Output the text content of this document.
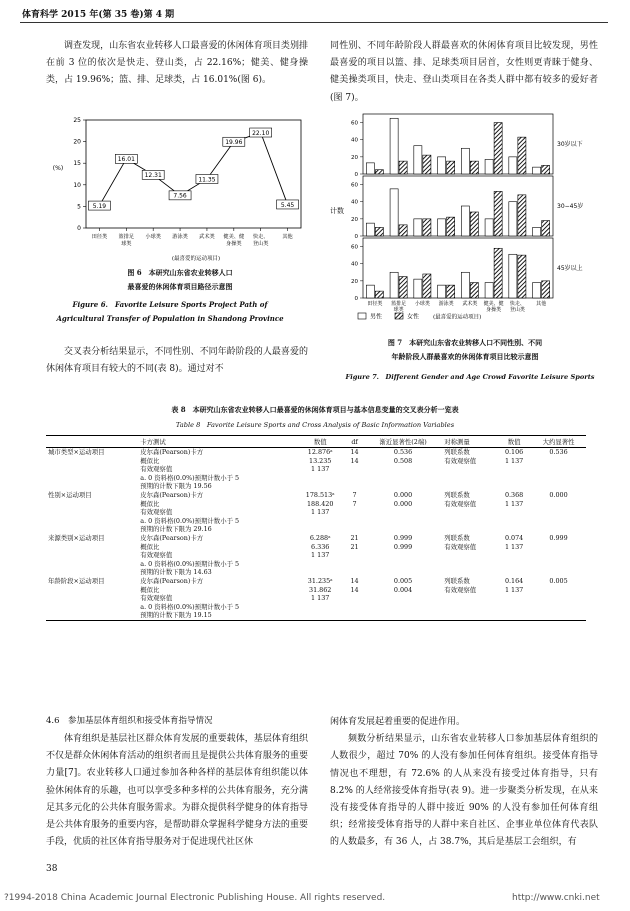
体育科学 2015 年(第 35 卷)第 4 期

调查发现，山东省农业转移人口最喜爱的休闲体育项目类别排在前 3 位的依次是快走、登山类，占 22.16%；健美、健身操类，占 19.96%；篮、排、足球类，占 16.01%(图 6)。

同性别、不同年龄阶段人群最喜欢的休闲体育项目比较发现，男性最喜爱的项目以篮、排、足球类项目居首，女性则更青睐于健身、健美操类项目，快走、登山类项目在各类人群中都有较多的爱好者(图 7)。

0
5
10
15
20
25
田径类 篮排足球类
小球类 游泳类 武术类 健美、健身操类
快走、登山类
其他
5.19
16.01
12.31
7.56
11.35
19.96
22.10
5.45
(%)
(最喜爱的运动项目)
图 6　本研究山东省农业转移人口
最喜爱的休闲体育项目路径示意图
Figure 6.　Favorite Leisure Sports Project Path of
Agricultural Transfer of Population in Shandong Province

交叉表分析结果显示，不同性别、不同年龄阶段的人最喜爱的休闲体育项目有较大的不同(表 8)。通过对不

0
20
40
60
30岁以下
0
20
40
60
30−45岁
0
20
40
60
45岁以上
田径类 篮排足球类
小球类 游泳类 武术类 健美、健身操类
快走、登山类
其他
计数
男性	女性	(最喜爱的运动项目)
图 7　本研究山东省农业转移人口不同性别、不同
年龄阶段人群最喜欢的休闲体育项目比较示意图
Figure 7.　Different Gender and Age Crowd Favorite Leisure Sports
表 8　本研究山东省农业转移人口最喜爱的休闲体育项目与基本信息变量的交叉表分析一览表
Table 8　Favorite Leisure Sports and Cross Analysis of Basic Information Variables
	卡方测试	数值	df	渐近显著性(2端)	对称测量	数值	大约显著性
城市类型×运动项目	皮尔森(Pearson)卡方	12.876ᵃ	14	0.536	列联系数	0.106	0.536
	概似比	13.235	14	0.508	有效观察值	1 137	
	有效观察值	1 137					
	a. 0 资料格(0.0%)预期计数小于 5						
	预期的计数下限为 19.56						
性别×运动项目	皮尔森(Pearson)卡方	178.513ᵃ	7	0.000	列联系数	0.368	0.000
	概似比	188.420	7	0.000	有效观察值	1 137	
	有效观察值	1 137					
	a. 0 资料格(0.0%)预期计数小于 5						
	预期的计数下限为 29.16						
来源类别×运动项目	皮尔森(Pearson)卡方	6.288ᵃ	21	0.999	列联系数	0.074	0.999
	概似比	6.336	21	0.999	有效观察值	1 137	
	有效观察值	1 137					
	a. 0 资料格(0.0%)预期计数小于 5						
	预期的计数下限为 14.63						
年龄阶段×运动项目	皮尔森(Pearson)卡方	31.235ᵃ	14	0.005	列联系数	0.164	0.005
	概似比	31.862	14	0.004	有效观察值	1 137	
	有效观察值	1 137					
	a. 0 资料格(0.0%)预期计数小于 5						
	预期的计数下限为 19.15						
4.6　参加基层体育组织和接受体育指导情况

体育组织是基层社区群众体育发展的重要载体，基层体育组织不仅是群众休闲体育活动的组织者而且是提供公共体育服务的重要力量[7]。农业转移人口通过参加各种各样的基层体育组织能以体验休闲体育的乐趣，也可以享受多种多样的公共体育服务，充分满足其多元化的公共体育服务需求。为群众提供科学健身的体育指导是公共体育服务的重要内容，是帮助群众掌握科学健身方法的重要手段，优质的社区体育指导服务对于促进现代社区休

闲体育发展起着重要的促进作用。

频数分析结果显示，山东省农业转移人口参加基层体育组织的人数很少，超过 70% 的人没有参加任何体育组织。接受体育指导情况也不理想，有 72.6% 的人从来没有接受过体育指导，只有 8.2% 的人经常接受体育指导(表 9)。进一步聚类分析发现，在从来没有接受体育指导的人群中接近 90% 的人没有参加任何体育组织；经常接受体育指导的人群中来自社区、企事业单位体育代表队的人数最多，有 36 人，占 38.7%，其后是基层工会组织，有

38
?1994-2018 China Academic Journal Electronic Publishing House. All rights reserved.	http://www.cnki.net
